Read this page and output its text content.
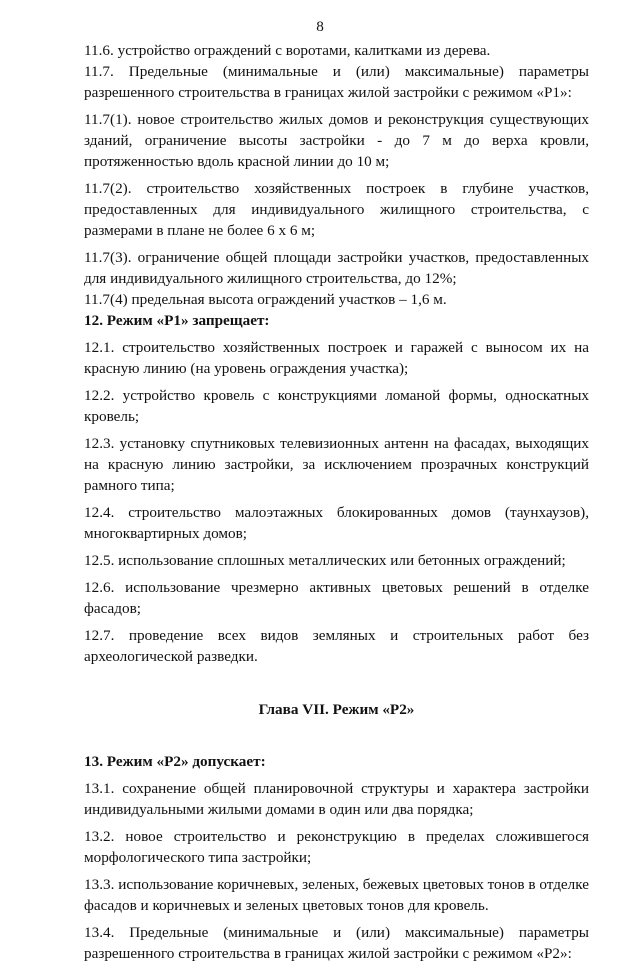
8

11.6. устройство ограждений с воротами, калитками из дерева.

11.7. Предельные (минимальные и (или) максимальные) параметры разрешенного строительства в границах жилой застройки с режимом «Р1»:

11.7(1). новое строительство жилых домов и реконструкция существующих зданий, ограничение высоты застройки - до 7 м до верха кровли, протяженностью вдоль красной линии до 10 м;

11.7(2). строительство хозяйственных построек в глубине участков, предоставленных для индивидуального жилищного строительства, с размерами в плане не более 6 х 6 м;

11.7(3). ограничение общей площади застройки участков, предоставленных для индивидуального жилищного строительства, до 12%;

11.7(4) предельная высота ограждений участков – 1,6 м.

12. Режим «Р1» запрещает:

12.1. строительство хозяйственных построек и гаражей с выносом их на красную линию (на уровень ограждения участка);

12.2. устройство кровель с конструкциями ломаной формы, односкатных кровель;

12.3. установку спутниковых телевизионных антенн на фасадах, выходящих на красную линию застройки, за исключением прозрачных конструкций рамного типа;

12.4. строительство малоэтажных блокированных домов (таунхаузов), многоквартирных домов;

12.5. использование сплошных металлических или бетонных ограждений;

12.6. использование чрезмерно активных цветовых решений в отделке фасадов;

12.7. проведение всех видов земляных и строительных работ без археологической разведки.

Глава VII. Режим «Р2»

13. Режим «Р2» допускает:

13.1. сохранение общей планировочной структуры и характера застройки индивидуальными жилыми домами в один или два порядка;

13.2. новое строительство и реконструкцию в пределах сложившегося морфологического типа застройки;

13.3. использование коричневых, зеленых, бежевых цветовых тонов в отделке фасадов и коричневых и зеленых цветовых тонов для кровель.

13.4. Предельные (минимальные и (или) максимальные) параметры разрешенного строительства в границах жилой застройки с режимом «Р2»:
